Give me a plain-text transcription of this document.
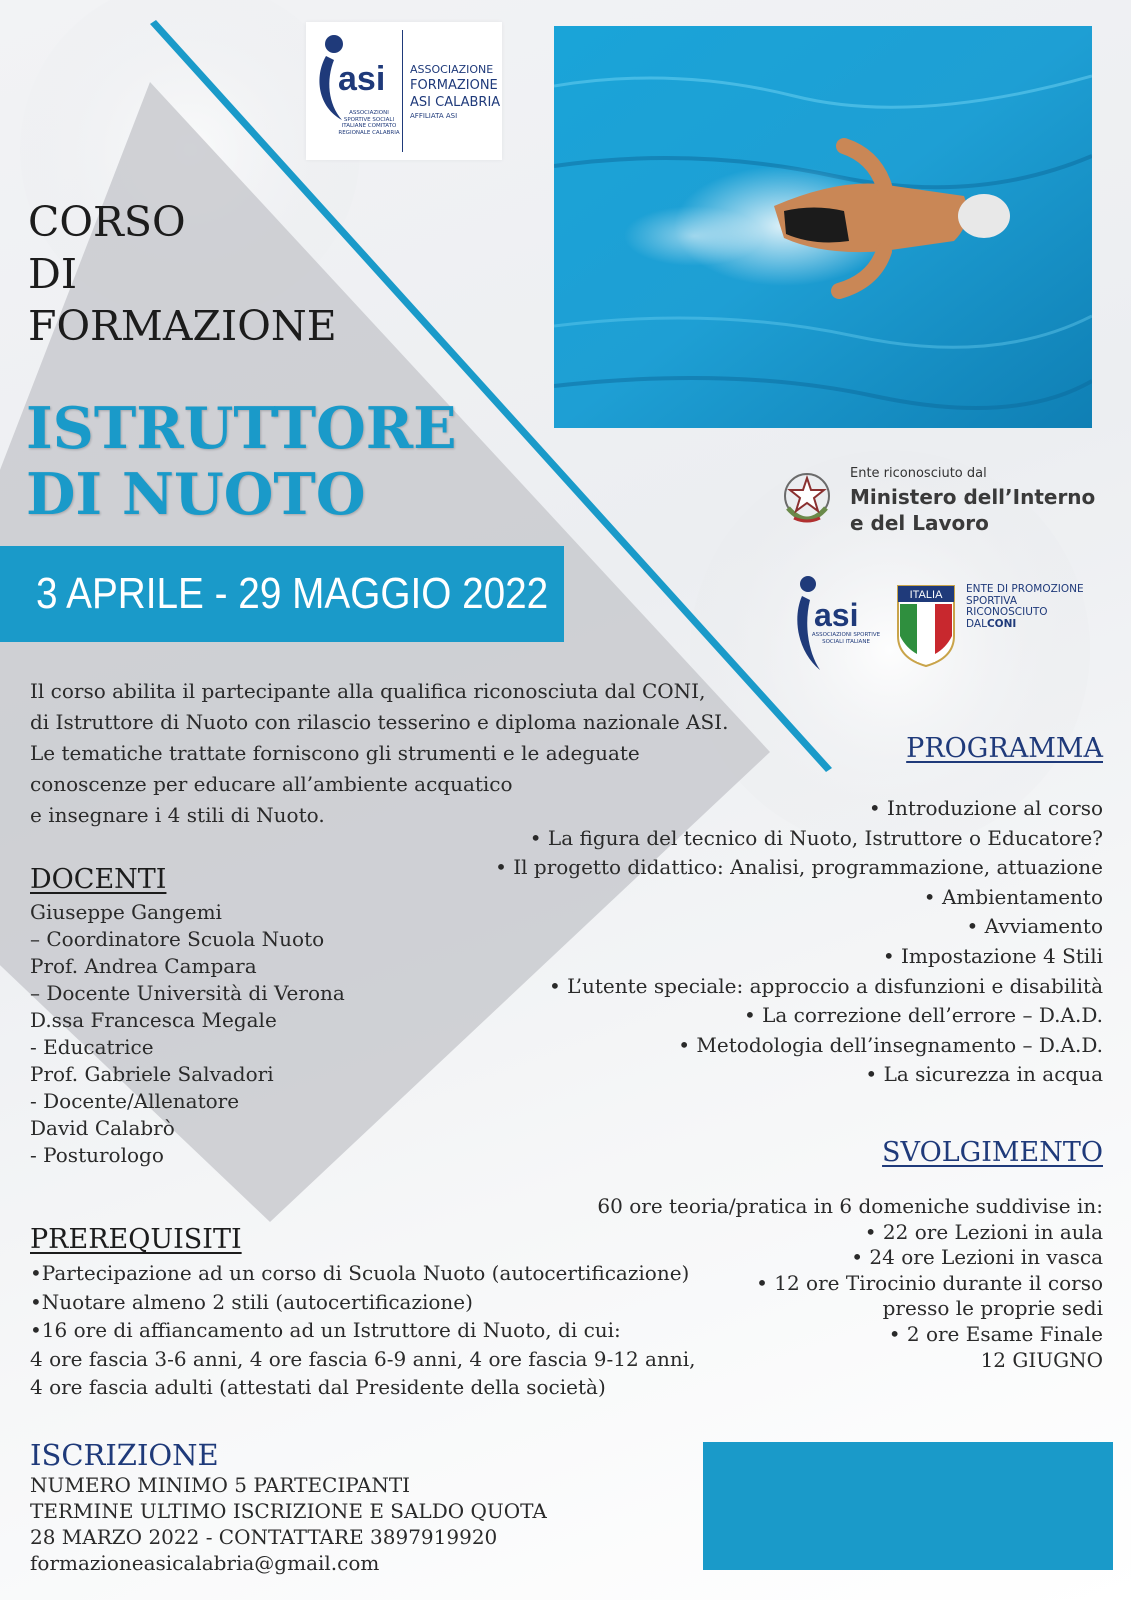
asi
ASSOCIAZIONI SPORTIVE SOCIALI ITALIANE COMITATO REGIONALE CALABRIA
ASSOCIAZIONE
FORMAZIONE
ASI CALABRIA
AFFILIATA ASI
CORSO
DI
FORMAZIONE
ISTRUTTORE
DI NUOTO
3 APRILE - 29 MAGGIO 2022
Ente riconosciuto dal
Ministero dell’Interno
e del Lavoro
asi
ASSOCIAZIONI SPORTIVE SOCIALI ITALIANE
ITALIA ENTE DI PROMOZIONE
SPORTIVA
RICONOSCIUTO
DALCONI
Il corso abilita il partecipante alla qualifica riconosciuta dal CONI,
di Istruttore di Nuoto con rilascio tesserino e diploma nazionale ASI.
Le tematiche trattate forniscono gli strumenti e le adeguate
conoscenze per educare all’ambiente acquatico
e insegnare i 4 stili di Nuoto.
DOCENTI
Giuseppe Gangemi
– Coordinatore Scuola Nuoto
Prof. Andrea Campara
– Docente Università di Verona
D.ssa Francesca Megale
- Educatrice
Prof. Gabriele Salvadori
- Docente/Allenatore
David Calabrò
- Posturologo
PROGRAMMA
• Introduzione al corso
• La figura del tecnico di Nuoto, Istruttore o Educatore?
• Il progetto didattico: Analisi, programmazione, attuazione
• Ambientamento
• Avviamento
• Impostazione 4 Stili
• L’utente speciale: approccio a disfunzioni e disabilità
• La correzione dell’errore – D.A.D.
• Metodologia dell’insegnamento – D.A.D.
• La sicurezza in acqua
SVOLGIMENTO
60 ore teoria/pratica in 6 domeniche suddivise in:
• 22 ore Lezioni in aula
• 24 ore Lezioni in vasca
• 12 ore Tirocinio durante il corso
presso le proprie sedi
• 2 ore Esame Finale
12 GIUGNO
PREREQUISITI
•Partecipazione ad un corso di Scuola Nuoto (autocertificazione)
•Nuotare almeno 2 stili (autocertificazione)
•16 ore di affiancamento ad un Istruttore di Nuoto, di cui:
4 ore fascia 3-6 anni, 4 ore fascia 6-9 anni, 4 ore fascia 9-12 anni,
4 ore fascia adulti (attestati dal Presidente della società)
ISCRIZIONE
NUMERO MINIMO 5 PARTECIPANTI
TERMINE ULTIMO ISCRIZIONE E SALDO QUOTA
28 MARZO 2022 - CONTATTARE 3897919920
formazioneasicalabria@gmail.com
